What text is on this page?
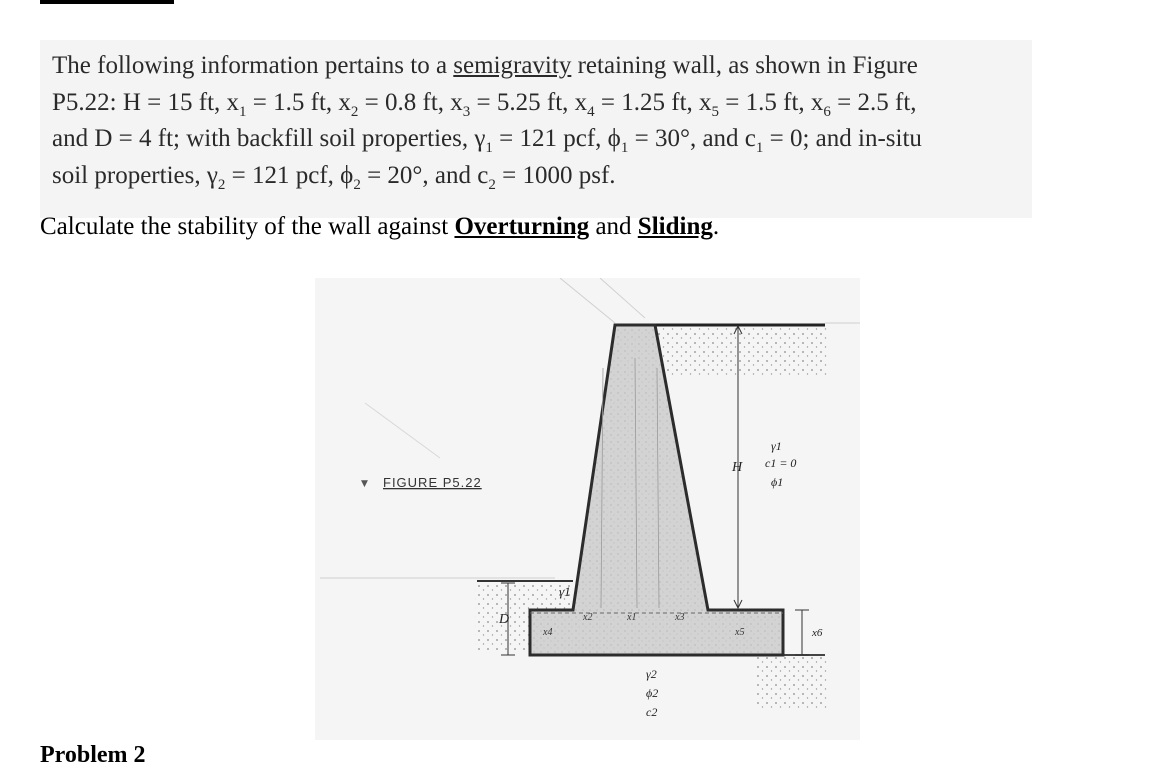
The following information pertains to a semigravity retaining wall, as shown in Figure
P5.22: H = 15 ft, $x_1 = 1.5$ ft, $x_2 = 0.8$ ft, $x_3 = 5.25$ ft, $x_4 = 1.25$ ft, $x_5 = 1.5$ ft, $x_6 = 2.5$ ft,
and D = 4 ft; with backfill soil properties, $\gamma_1 = 121$ pcf, $\phi_1 = 30^\circ$, and $c_1 = 0$; and in-situ
soil properties, $\gamma_2 = 121$ pcf, $\phi_2 = 20^\circ$, and $c_2 = 1000$ psf.
Calculate the stability of the wall against Overturning and Sliding.
H
D
x4
x2	x1	x3
x5	x6
γ1
γ1
c1 = 0
ϕ1
γ2
ϕ2
c2
▼ FIGURE P5.22
Problem 2
